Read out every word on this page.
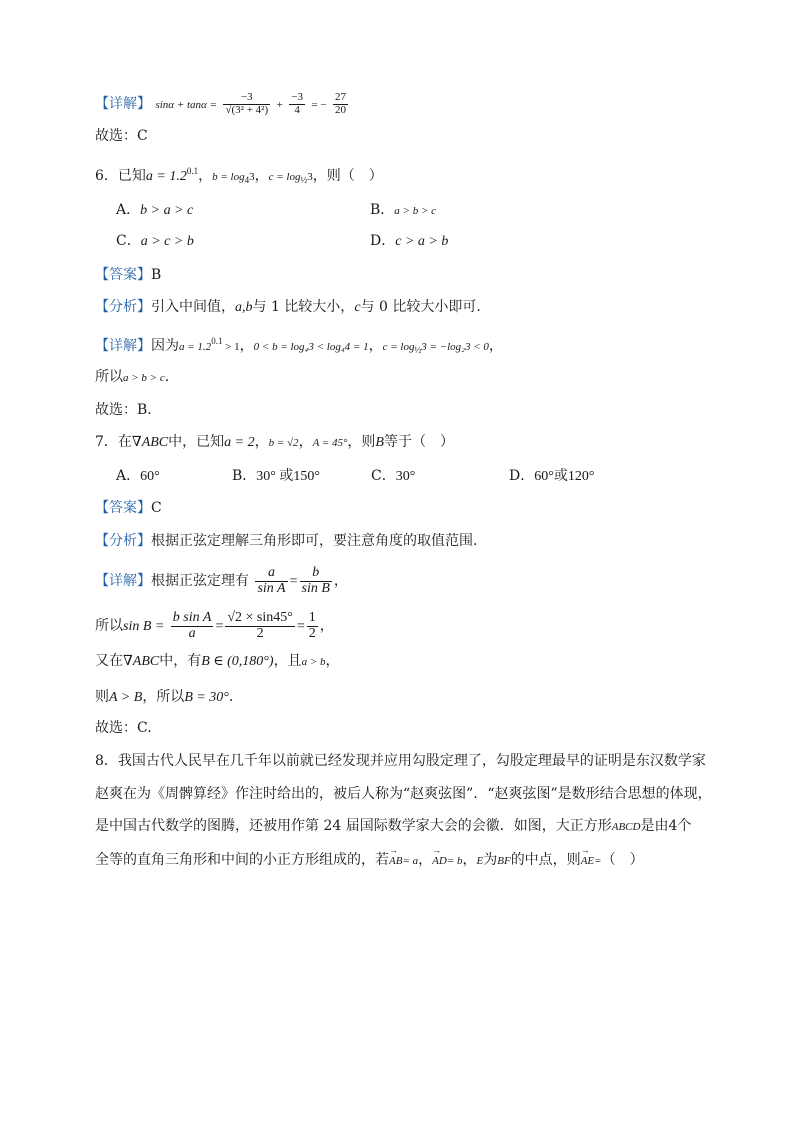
【详解】 $\sin\alpha + \tan\alpha = \frac{-3}{\text{√(3² + 4²)}} + \frac{-3}{4}$ = − $\frac{27}{20}$
故选：C
6．已知$a = 1.2^{0.1}$，$b = \log_43$，$c = \log_{\frac{1}{2}}3$，则（　）
A．b > a > c	B．a > b > c
C．a > c > b	D．c > a > b
【答案】B
【分析】引入中间值，a,b与 1 比较大小，c与 0 比较大小即可.
【详解】因为$a = 1.2^{0.1} > 1$，0 < b = log₄3 < log₄4 = 1，$c = \log_{\frac{1}{2}}3 = -\log_23 < 0$，
所以a > b > c．
故选：B.
7．在∇ABC中，已知a = 2，b = √2，A = 45°，则B等于（　）
A．60°	B．30° 或150°	C．30°	D．60°或120°
【答案】C
【分析】根据正弦定理解三角形即可，要注意角度的取值范围.
【详解】根据正弦定理有 $\frac{a}{\text{sin A}} = \frac{b}{\text{sin B}}$ ，
所以$\sin B = \frac{\text{b sin A}}{a} = \frac{√2 \times \sin 45^\circ}{2} = \frac{1}{2}$ ，
又在∇ABC中，有B ∈ (0,180°)，且a > b，
则A > B，所以B = 30°．
故选：C.
8．我国古代人民早在几千年以前就已经发现并应用勾股定理了，勾股定理最早的证明是东汉数学家
赵爽在为《周髀算经》作注时给出的，被后人称为“赵爽弦图”．“赵爽弦图”是数形结合思想的体现，
是中国古代数学的图腾，还被用作第 24 届国际数学家大会的会徽．如图，大正方形ABCD是由4个
全等的直角三角形和中间的小正方形组成的，若→ AB= a，→ AD= b，E为BF的中点，则→ AE=（　）
